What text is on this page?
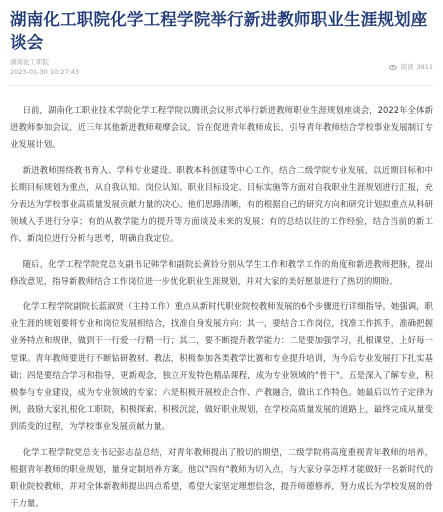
湖南化工职院化学工程学院举行新进教师职业生涯规划座谈会
湖南化工职院
2023-01-30 10:27:43
阅读 3911

日前，湖南化工职业技术学院化学工程学院以腾讯会议形式举行新进教师职业生涯规划座谈会，2022年全体新进教师参加会议，近三年其他新进教师观摩会议，旨在促进青年教师成长，引导青年教师结合学校事业发展制订专业发展计划。

新进教师围绕教书育人、学科专业建设、职教本科创建等中心工作，结合二级学院专业发展，以近期目标和中长期目标规划为重点，从自我认知、岗位认知、职业目标设定、目标实施等方面对自我职业生涯规划进行汇报，充分表达为学校事业高质量发展贡献力量的决心。他们思路清晰，有的根据自己的研究方向和研究计划拟重点从科研领域入手进行分享；有的从教学能力的提升等方面谈及未来的发展；有的总结以往的工作经验，结合当前的新工作、新岗位进行分析与思考，明确自我定位。

随后，化学工程学院党总支副书记韩学和副院长黄铃分别从学生工作和教学工作的角度和新进教师把脉，提出修改意见，指导新教师结合工作岗位进一步优化职业生涯规划，并对大家的美好愿景进行了热切的期盼。

化学工程学院副院长蓝淑贤（主持工作）重点从新时代职业院校教师发展的6个步骤进行详细指导。她强调，职业生涯的规划要将专业和岗位发展相结合，找准自身发展方向：其一，要结合工作岗位，找准工作抓手，准确把握业务特点和规律，做到干一行爱一行精一行；其二，要不断提升教学能力：二是要加强学习，扎根课堂，上好每一堂课。青年教师要进行不断钻研教材、教法，积极参加各类教学比赛和专业提升培训，为今后专业发展打下扎实基础；四是要结合学习和指导，更新观念，独立开发特色精品课程，成为专业领域的"骨干"。五是深入了解专业，积极参与专业建设，成为专业领域的专家；六是积极开展校企合作、产教融合，做出工作特色。她最后以竹子定律为例，鼓励大家扎根化工职院，积极探索、积极沉淀，做好职业规划，在学校高质量发展的道路上，最终完成从量变到质变的过程，为学校事业发展贡献力量。

化学工程学院党总支书记彭志益总结，对青年教师提出了殷切的期望，二级学院将高度重视青年教师的培养，根据青年教师的职业规划，量身定制培养方案。他以"四有"教师为切入点，与大家分享怎样才能做好一名新时代的职业院校教师，并对全体新教师提出四点希望，希望大家坚定理想信念，提升师德修养，努力成长为学校发展的骨干力量。
